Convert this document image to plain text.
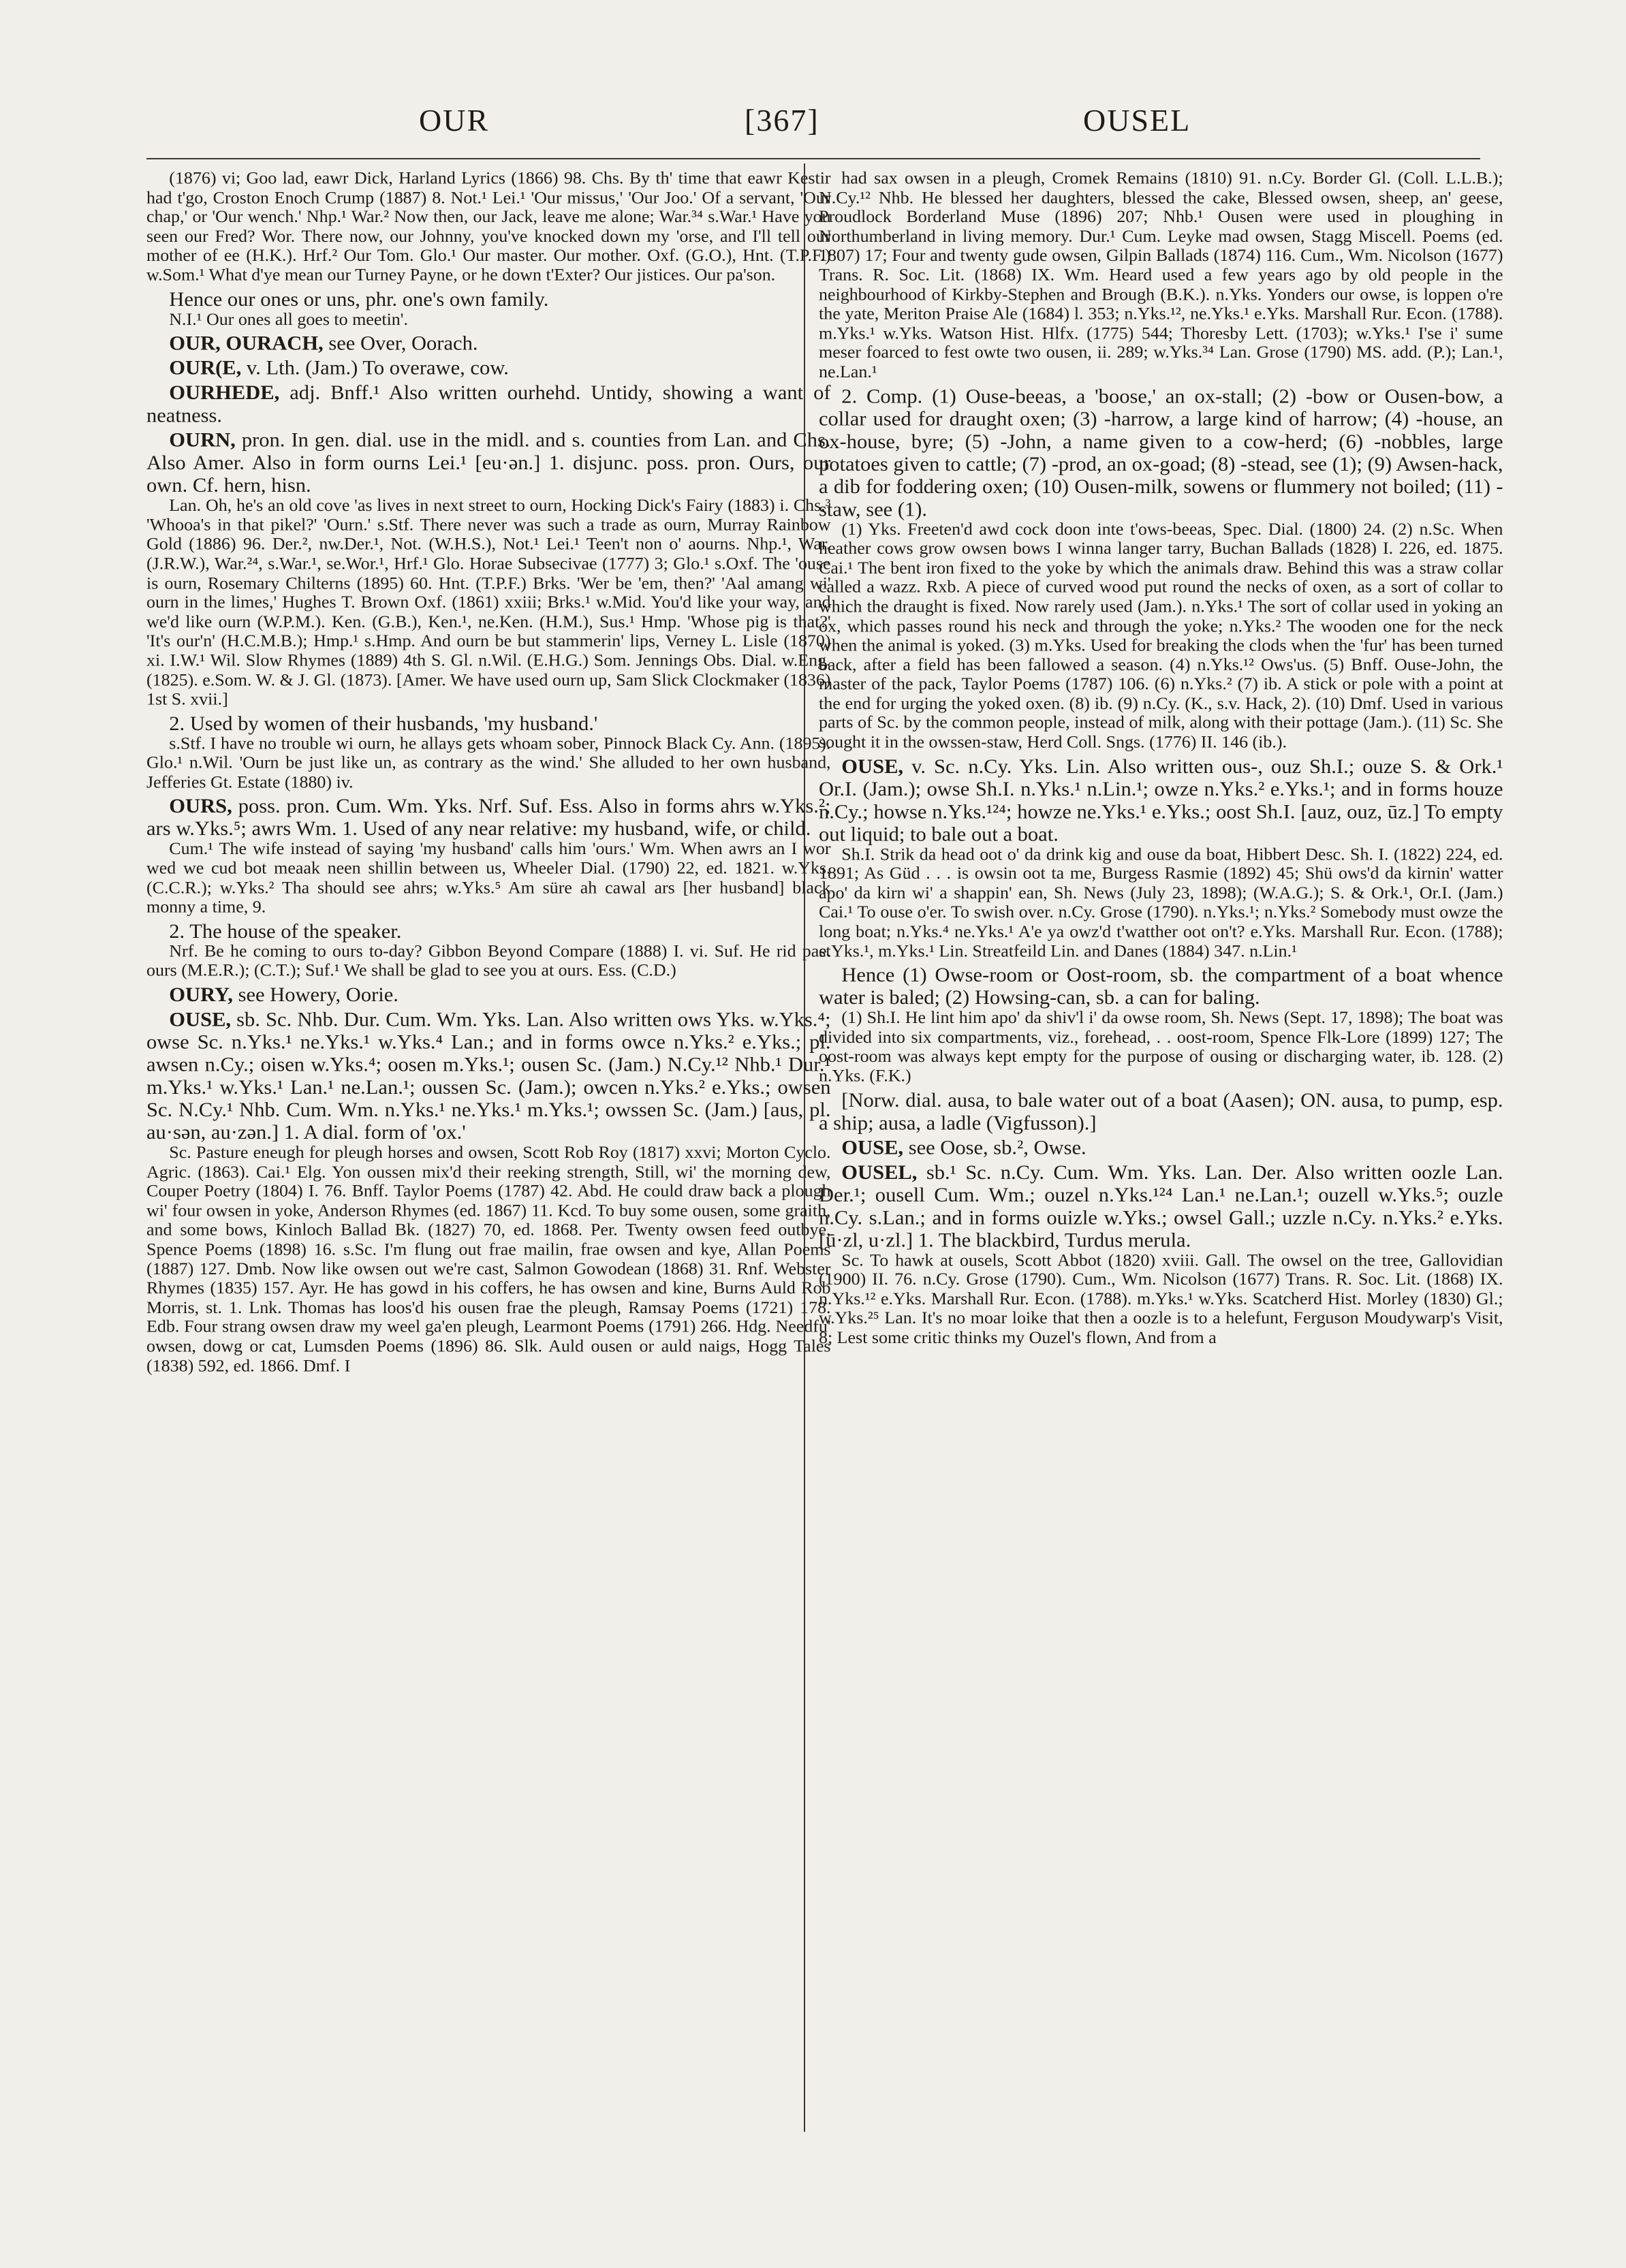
OUR	[367]	OUSEL

(1876) vi; Goo lad, eawr Dick, Harland Lyrics (1866) 98. Chs. By th' time that eawr Kestir had t'go, Croston Enoch Crump (1887) 8. Not.¹ Lei.¹ 'Our missus,' 'Our Joo.' Of a servant, 'Our chap,' or 'Our wench.' Nhp.¹ War.² Now then, our Jack, leave me alone; War.³⁴ s.War.¹ Have you seen our Fred? Wor. There now, our Johnny, you've knocked down my 'orse, and I'll tell our mother of ee (H.K.). Hrf.² Our Tom. Glo.¹ Our master. Our mother. Oxf. (G.O.), Hnt. (T.P.F.) w.Som.¹ What d'ye mean our Turney Payne, or he down t'Exter? Our jistices. Our pa'son.

Hence our ones or uns, phr. one's own family.

N.I.¹ Our ones all goes to meetin'.

OUR, OURACH, see Over, Oorach.

OUR(E, v. Lth. (Jam.) To overawe, cow.

OURHEDE, adj. Bnff.¹ Also written ourhehd. Untidy, showing a want of neatness.

OURN, pron. In gen. dial. use in the midl. and s. counties from Lan. and Chs. Also Amer. Also in form ourns Lei.¹ [eu·ən.] 1. disjunc. poss. pron. Ours, our own. Cf. hern, hisn.

Lan. Oh, he's an old cove 'as lives in next street to ourn, Hocking Dick's Fairy (1883) i. Chs.³ 'Whooa's in that pikel?' 'Ourn.' s.Stf. There never was such a trade as ourn, Murray Rainbow Gold (1886) 96. Der.², nw.Der.¹, Not. (W.H.S.), Not.¹ Lei.¹ Teen't non o' aourns. Nhp.¹, War. (J.R.W.), War.²⁴, s.War.¹, se.Wor.¹, Hrf.¹ Glo. Horae Subsecivae (1777) 3; Glo.¹ s.Oxf. The 'ouse is ourn, Rosemary Chilterns (1895) 60. Hnt. (T.P.F.) Brks. 'Wer be 'em, then?' 'Aal amang wi' ourn in the limes,' Hughes T. Brown Oxf. (1861) xxiii; Brks.¹ w.Mid. You'd like your way, and we'd like ourn (W.P.M.). Ken. (G.B.), Ken.¹, ne.Ken. (H.M.), Sus.¹ Hmp. 'Whose pig is that?' 'It's our'n' (H.C.M.B.); Hmp.¹ s.Hmp. And ourn be but stammerin' lips, Verney L. Lisle (1870) xi. I.W.¹ Wil. Slow Rhymes (1889) 4th S. Gl. n.Wil. (E.H.G.) Som. Jennings Obs. Dial. w.Eng. (1825). e.Som. W. & J. Gl. (1873). [Amer. We have used ourn up, Sam Slick Clockmaker (1836) 1st S. xvii.]

2. Used by women of their husbands, 'my husband.'

s.Stf. I have no trouble wi ourn, he allays gets whoam sober, Pinnock Black Cy. Ann. (1895). Glo.¹ n.Wil. 'Ourn be just like un, as contrary as the wind.' She alluded to her own husband, Jefferies Gt. Estate (1880) iv.

OURS, poss. pron. Cum. Wm. Yks. Nrf. Suf. Ess. Also in forms ahrs w.Yks.²; ars w.Yks.⁵; awrs Wm. 1. Used of any near relative: my husband, wife, or child.

Cum.¹ The wife instead of saying 'my husband' calls him 'ours.' Wm. When awrs an I wor wed we cud bot meaak neen shillin between us, Wheeler Dial. (1790) 22, ed. 1821. w.Yks. (C.C.R.); w.Yks.² Tha should see ahrs; w.Yks.⁵ Am süre ah cawal ars [her husband] black monny a time, 9.

2. The house of the speaker.

Nrf. Be he coming to ours to-day? Gibbon Beyond Compare (1888) I. vi. Suf. He rid past ours (M.E.R.); (C.T.); Suf.¹ We shall be glad to see you at ours. Ess. (C.D.)

OURY, see Howery, Oorie.

OUSE, sb. Sc. Nhb. Dur. Cum. Wm. Yks. Lan. Also written ows Yks. w.Yks.⁴; owse Sc. n.Yks.¹ ne.Yks.¹ w.Yks.⁴ Lan.; and in forms owce n.Yks.² e.Yks.; pl. awsen n.Cy.; oisen w.Yks.⁴; oosen m.Yks.¹; ousen Sc. (Jam.) N.Cy.¹² Nhb.¹ Dur.¹ m.Yks.¹ w.Yks.¹ Lan.¹ ne.Lan.¹; oussen Sc. (Jam.); owcen n.Yks.² e.Yks.; owsen Sc. N.Cy.¹ Nhb. Cum. Wm. n.Yks.¹ ne.Yks.¹ m.Yks.¹; owssen Sc. (Jam.) [aus, pl. au·sən, au·zən.] 1. A dial. form of 'ox.'

Sc. Pasture eneugh for pleugh horses and owsen, Scott Rob Roy (1817) xxvi; Morton Cyclo. Agric. (1863). Cai.¹ Elg. Yon oussen mix'd their reeking strength, Still, wi' the morning dew, Couper Poetry (1804) I. 76. Bnff. Taylor Poems (1787) 42. Abd. He could draw back a plough wi' four owsen in yoke, Anderson Rhymes (ed. 1867) 11. Kcd. To buy some ousen, some graith, and some bows, Kinloch Ballad Bk. (1827) 70, ed. 1868. Per. Twenty owsen feed outbye, Spence Poems (1898) 16. s.Sc. I'm flung out frae mailin, frae owsen and kye, Allan Poems (1887) 127. Dmb. Now like owsen out we're cast, Salmon Gowodean (1868) 31. Rnf. Webster Rhymes (1835) 157. Ayr. He has gowd in his coffers, he has owsen and kine, Burns Auld Rob Morris, st. 1. Lnk. Thomas has loos'd his ousen frae the pleugh, Ramsay Poems (1721) 178. Edb. Four strang owsen draw my weel ga'en pleugh, Learmont Poems (1791) 266. Hdg. Needfu' owsen, dowg or cat, Lumsden Poems (1896) 86. Slk. Auld ousen or auld naigs, Hogg Tales (1838) 592, ed. 1866. Dmf. I

had sax owsen in a pleugh, Cromek Remains (1810) 91. n.Cy. Border Gl. (Coll. L.L.B.); N.Cy.¹² Nhb. He blessed her daughters, blessed the cake, Blessed owsen, sheep, an' geese, Proudlock Borderland Muse (1896) 207; Nhb.¹ Ousen were used in ploughing in Northumberland in living memory. Dur.¹ Cum. Leyke mad owsen, Stagg Miscell. Poems (ed. 1807) 17; Four and twenty gude owsen, Gilpin Ballads (1874) 116. Cum., Wm. Nicolson (1677) Trans. R. Soc. Lit. (1868) IX. Wm. Heard used a few years ago by old people in the neighbourhood of Kirkby-Stephen and Brough (B.K.). n.Yks. Yonders our owse, is loppen o're the yate, Meriton Praise Ale (1684) l. 353; n.Yks.¹², ne.Yks.¹ e.Yks. Marshall Rur. Econ. (1788). m.Yks.¹ w.Yks. Watson Hist. Hlfx. (1775) 544; Thoresby Lett. (1703); w.Yks.¹ I'se i' sume meser foarced to fest owte two ousen, ii. 289; w.Yks.³⁴ Lan. Grose (1790) MS. add. (P.); Lan.¹, ne.Lan.¹

2. Comp. (1) Ouse-beeas, a 'boose,' an ox-stall; (2) -bow or Ousen-bow, a collar used for draught oxen; (3) -harrow, a large kind of harrow; (4) -house, an ox-house, byre; (5) -John, a name given to a cow-herd; (6) -nobbles, large potatoes given to cattle; (7) -prod, an ox-goad; (8) -stead, see (1); (9) Awsen-hack, a dib for foddering oxen; (10) Ousen-milk, sowens or flummery not boiled; (11) -staw, see (1).

(1) Yks. Freeten'd awd cock doon inte t'ows-beeas, Spec. Dial. (1800) 24. (2) n.Sc. When heather cows grow owsen bows I winna langer tarry, Buchan Ballads (1828) I. 226, ed. 1875. Cai.¹ The bent iron fixed to the yoke by which the animals draw. Behind this was a straw collar called a wazz. Rxb. A piece of curved wood put round the necks of oxen, as a sort of collar to which the draught is fixed. Now rarely used (Jam.). n.Yks.¹ The sort of collar used in yoking an ox, which passes round his neck and through the yoke; n.Yks.² The wooden one for the neck when the animal is yoked. (3) m.Yks. Used for breaking the clods when the 'fur' has been turned back, after a field has been fallowed a season. (4) n.Yks.¹² Ows'us. (5) Bnff. Ouse-John, the master of the pack, Taylor Poems (1787) 106. (6) n.Yks.² (7) ib. A stick or pole with a point at the end for urging the yoked oxen. (8) ib. (9) n.Cy. (K., s.v. Hack, 2). (10) Dmf. Used in various parts of Sc. by the common people, instead of milk, along with their pottage (Jam.). (11) Sc. She sought it in the owssen-staw, Herd Coll. Sngs. (1776) II. 146 (ib.).

OUSE, v. Sc. n.Cy. Yks. Lin. Also written ous-, ouz Sh.I.; ouze S. & Ork.¹ Or.I. (Jam.); owse Sh.I. n.Yks.¹ n.Lin.¹; owze n.Yks.² e.Yks.¹; and in forms houze n.Cy.; howse n.Yks.¹²⁴; howze ne.Yks.¹ e.Yks.; oost Sh.I. [auz, ouz, ūz.] To empty out liquid; to bale out a boat.

Sh.I. Strik da head oot o' da drink kig and ouse da boat, Hibbert Desc. Sh. I. (1822) 224, ed. 1891; As Güd . . . is owsin oot ta me, Burgess Rasmie (1892) 45; Shü ows'd da kirnin' watter apo' da kirn wi' a shappin' ean, Sh. News (July 23, 1898); (W.A.G.); S. & Ork.¹, Or.I. (Jam.) Cai.¹ To ouse o'er. To swish over. n.Cy. Grose (1790). n.Yks.¹; n.Yks.² Somebody must owze the long boat; n.Yks.⁴ ne.Yks.¹ A'e ya owz'd t'watther oot on't? e.Yks. Marshall Rur. Econ. (1788); e.Yks.¹, m.Yks.¹ Lin. Streatfeild Lin. and Danes (1884) 347. n.Lin.¹

Hence (1) Owse-room or Oost-room, sb. the compartment of a boat whence water is baled; (2) Howsing-can, sb. a can for baling.

(1) Sh.I. He lint him apo' da shiv'l i' da owse room, Sh. News (Sept. 17, 1898); The boat was divided into six compartments, viz., forehead, . . oost-room, Spence Flk-Lore (1899) 127; The oost-room was always kept empty for the purpose of ousing or discharging water, ib. 128. (2) n.Yks. (F.K.)

[Norw. dial. ausa, to bale water out of a boat (Aasen); ON. ausa, to pump, esp. a ship; ausa, a ladle (Vigfusson).]

OUSE, see Oose, sb.², Owse.

OUSEL, sb.¹ Sc. n.Cy. Cum. Wm. Yks. Lan. Der. Also written oozle Lan. Der.¹; ousell Cum. Wm.; ouzel n.Yks.¹²⁴ Lan.¹ ne.Lan.¹; ouzell w.Yks.⁵; ouzle n.Cy. s.Lan.; and in forms ouizle w.Yks.; owsel Gall.; uzzle n.Cy. n.Yks.² e.Yks. [ū·zl, u·zl.] 1. The blackbird, Turdus merula.

Sc. To hawk at ousels, Scott Abbot (1820) xviii. Gall. The owsel on the tree, Gallovidian (1900) II. 76. n.Cy. Grose (1790). Cum., Wm. Nicolson (1677) Trans. R. Soc. Lit. (1868) IX. n.Yks.¹² e.Yks. Marshall Rur. Econ. (1788). m.Yks.¹ w.Yks. Scatcherd Hist. Morley (1830) Gl.; w.Yks.²⁵ Lan. It's no moar loike that then a oozle is to a helefunt, Ferguson Moudywarp's Visit, 8; Lest some critic thinks my Ouzel's flown, And from a
